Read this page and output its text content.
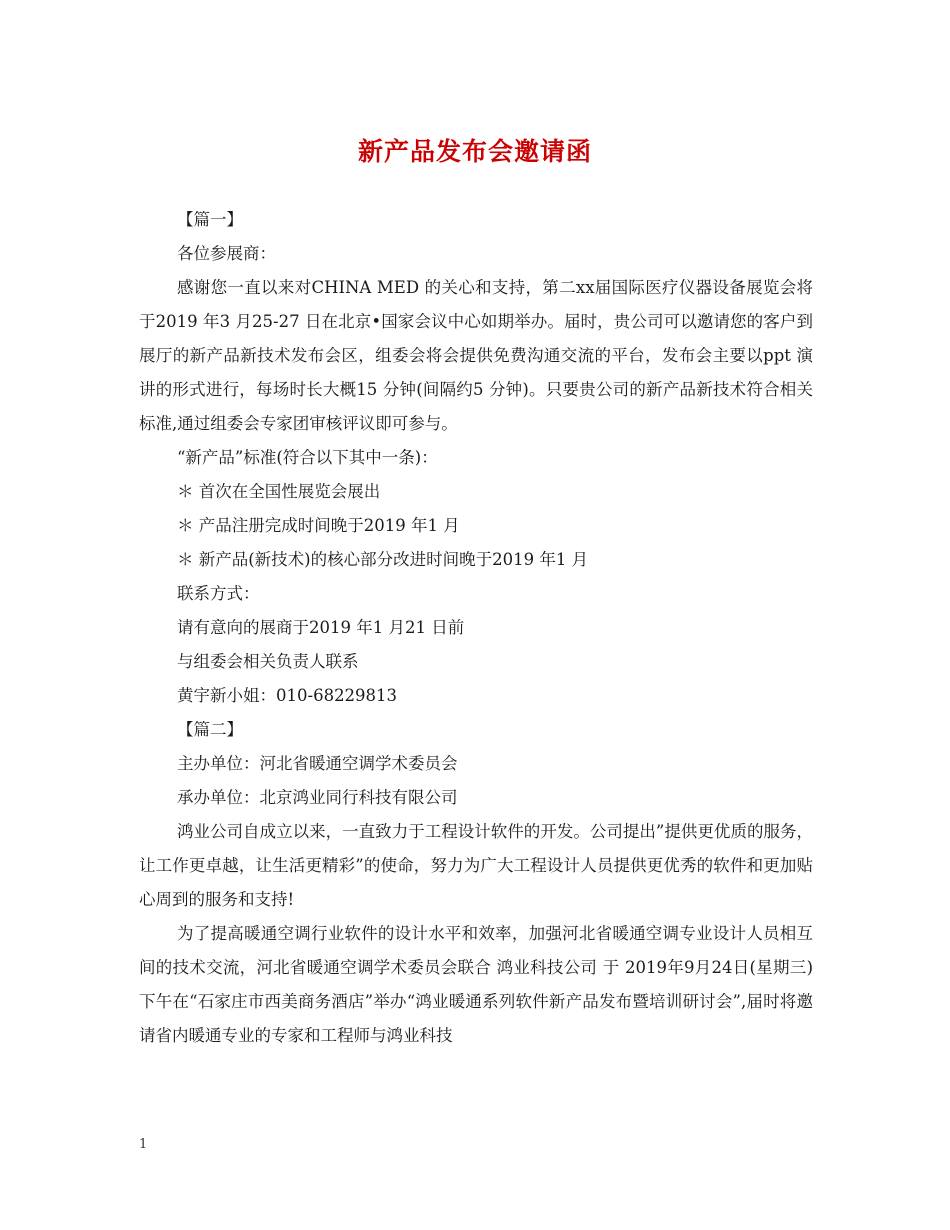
新产品发布会邀请函

【篇一】

各位参展商：

感谢您一直以来对CHINA MED 的关心和支持，第二xx届国际医疗仪器设备展览会将于2019 年3 月25-27 日在北京•国家会议中心如期举办。届时，贵公司可以邀请您的客户到展厅的新产品新技术发布会区，组委会将会提供免费沟通交流的平台，发布会主要以ppt 演讲的形式进行，每场时长大概15 分钟(间隔约5 分钟)。只要贵公司的新产品新技术符合相关标准,通过组委会专家团审核评议即可参与。

“新产品”标准(符合以下其中一条)：

＊ 首次在全国性展览会展出

＊ 产品注册完成时间晚于2019 年1 月

＊ 新产品(新技术)的核心部分改进时间晚于2019 年1 月

联系方式：

请有意向的展商于2019 年1 月21 日前

与组委会相关负责人联系

黄宇新小姐：010-68229813

【篇二】

主办单位：河北省暖通空调学术委员会

承办单位：北京鸿业同行科技有限公司

鸿业公司自成立以来，一直致力于工程设计软件的开发。公司提出”提供更优质的服务，让工作更卓越，让生活更精彩”的使命，努力为广大工程设计人员提供更优秀的软件和更加贴心周到的服务和支持!

为了提高暖通空调行业软件的设计水平和效率，加强河北省暖通空调专业设计人员相互间的技术交流，河北省暖通空调学术委员会联合 鸿业科技公司 于 2019年9月24日(星期三)下午在“石家庄市西美商务酒店”举办“鸿业暖通系列软件新产品发布暨培训研讨会”,届时将邀请省内暖通专业的专家和工程师与鸿业科技

1
